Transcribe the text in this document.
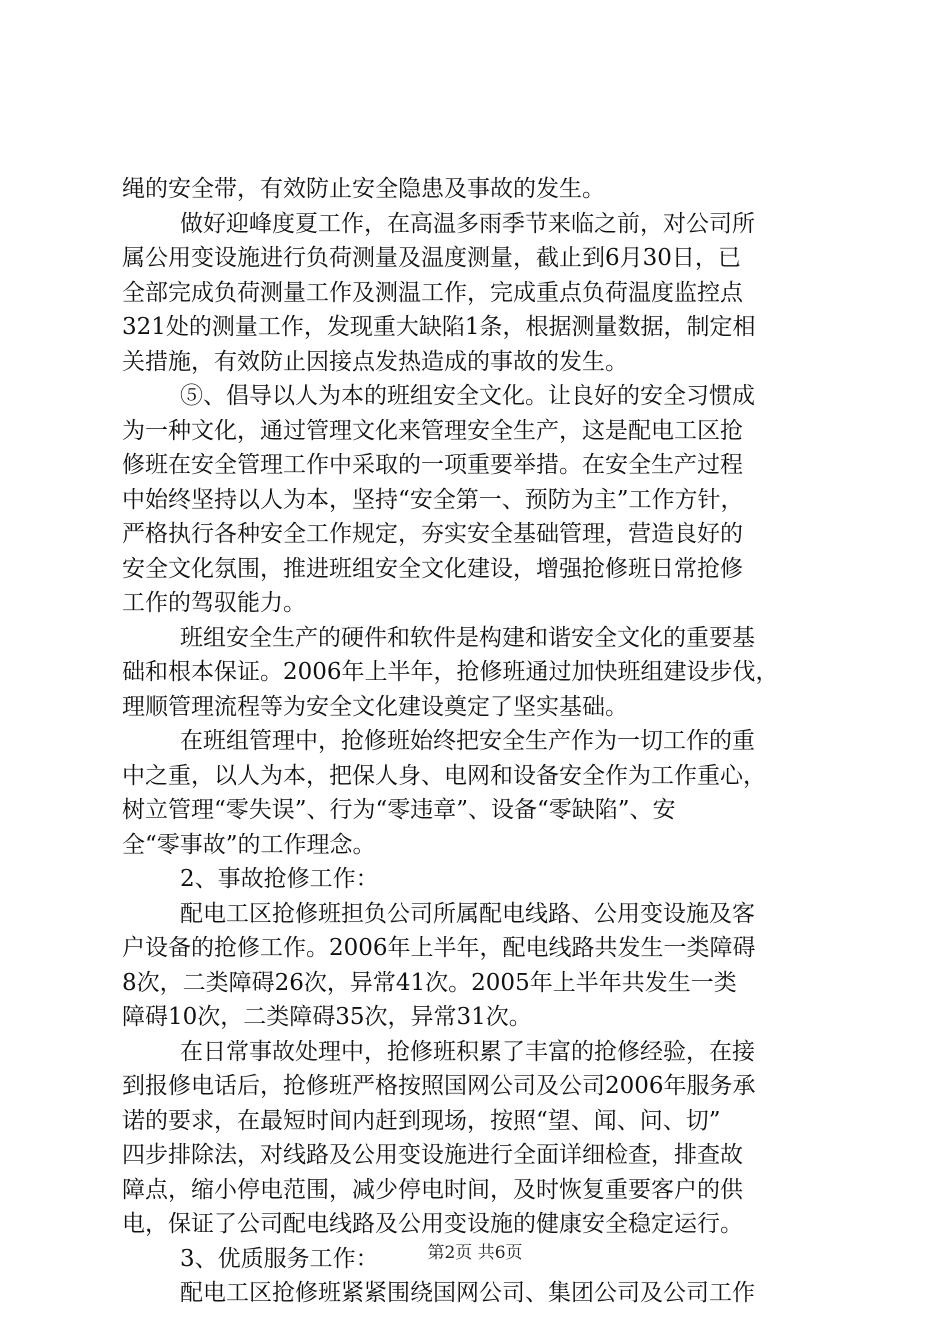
绳的安全带，有效防止安全隐患及事故的发生。
做好迎峰度夏工作，在高温多雨季节来临之前，对公司所
属公用变设施进行负荷测量及温度测量，截止到6月30日，已
全部完成负荷测量工作及测温工作，完成重点负荷温度监控点
321处的测量工作，发现重大缺陷1条，根据测量数据，制定相
关措施，有效防止因接点发热造成的事故的发生。
⑤、倡导以人为本的班组安全文化。让良好的安全习惯成
为一种文化，通过管理文化来管理安全生产，这是配电工区抢
修班在安全管理工作中采取的一项重要举措。在安全生产过程
中始终坚持以人为本，坚持“安全第一、预防为主”工作方针，
严格执行各种安全工作规定，夯实安全基础管理，营造良好的
安全文化氛围，推进班组安全文化建设，增强抢修班日常抢修
工作的驾驭能力。
班组安全生产的硬件和软件是构建和谐安全文化的重要基
础和根本保证。2006年上半年，抢修班通过加快班组建设步伐，
理顺管理流程等为安全文化建设奠定了坚实基础。
在班组管理中，抢修班始终把安全生产作为一切工作的重
中之重，以人为本，把保人身、电网和设备安全作为工作重心，
树立管理“零失误”、行为“零违章”、设备“零缺陷”、安
全“零事故”的工作理念。
2、事故抢修工作：
配电工区抢修班担负公司所属配电线路、公用变设施及客
户设备的抢修工作。2006年上半年，配电线路共发生一类障碍
8次，二类障碍26次，异常41次。2005年上半年共发生一类
障碍10次，二类障碍35次，异常31次。
在日常事故处理中，抢修班积累了丰富的抢修经验，在接
到报修电话后，抢修班严格按照国网公司及公司2006年服务承
诺的要求，在最短时间内赶到现场，按照“望、闻、问、切”
四步排除法，对线路及公用变设施进行全面详细检查，排查故
障点，缩小停电范围，减少停电时间，及时恢复重要客户的供
电，保证了公司配电线路及公用变设施的健康安全稳定运行。
3、优质服务工作：
配电工区抢修班紧紧围绕国网公司、集团公司及公司工作
第2页 共6页
